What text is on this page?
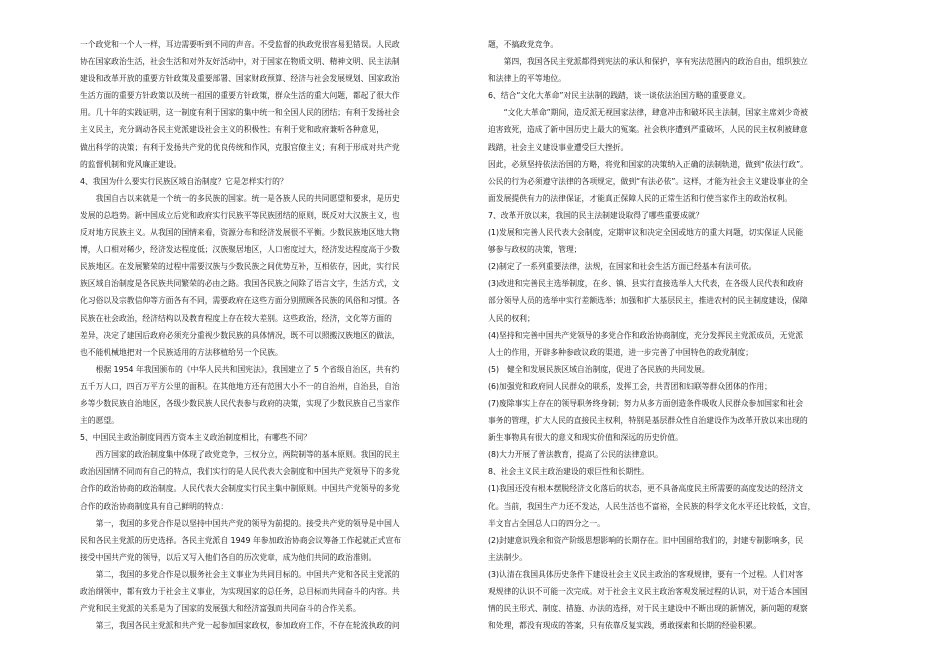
一个政党和一个人一样，耳边需要听到不同的声音。不受监督的执政党很容易犯错误。人民政
协在国家政治生活，社会生活和对外友好活动中，对于国家在物质文明、精神文明、民主法制
建设和改革开放的重要方针政策及重要部署、国家财政预算、经济与社会发展规划、国家政治
生活方面的重要方针政策以及统一祖国的重要方针政策，群众生活的重大问题，都起了很大作
用。几十年的实践证明，这一制度有利于国家的集中统一和全国人民的团结；有利于发扬社会
主义民主，充分调动各民主党派建设社会主义的积极性；有利于党和政府兼听各种意见，
做出科学的决策；有利于发扬共产党的优良传统和作风，克服官僚主义；有利于形成对共产党
的监督机制和党风廉正建设。
4、我国为什么要实行民族区域自治制度？它是怎样实行的？
　　我国自古以来就是一个统一的多民族的国家。统一是各族人民的共同愿望和要求，是历史
发展的总趋势。新中国成立后党和政府实行民族平等民族团结的原则，既反对大汉族主义，也
反对地方民族主义。从我国的国情来看，资源分布和经济发展很不平衡。少数民族地区地大物
博，人口相对稀少，经济发达程度低；汉族聚居地区，人口密度过大，经济发达程度高于少数
民族地区。在发展繁荣的过程中需要汉族与少数民族之间优势互补，互相依存，因此，实行民
族区域自治制度是各民族共同繁荣的必由之路。我国各民族之间除了语言文字，生活方式，文
化习俗以及宗教信仰等方面各有不同，需要政府在这些方面分别照顾各民族的风俗和习惯。各
民族在社会政治，经济结构以及教育程度上存在较大差别。这些政治，经济，文化等方面的
差异，决定了建国后政府必须充分重视少数民族的具体情况，既不可以照搬汉族地区的做法，
也不能机械地把对一个民族适用的方法移植给另一个民族。
　　根据 1954 年我国颁布的《中华人民共和国宪法》，我国建立了 5 个省级自治区，共有约
五千万人口，四百万平方公里的面积。在其他地方还有范围大小不一的自治州，自治县，自治
乡等少数民族自治地区，各级少数民族人民代表参与政府的决策，实现了少数民族自己当家作
主的愿望。
5、中国民主政治制度同西方资本主义政治制度相比，有哪些不同？
　　西方国家的政治制度集中体现了政党竞争，三权分立，两院制等的基本原则。我国的民主
政治因国情不同而有自己的特点，我们实行的是人民代表大会制度和中国共产党领导下的多党
合作的政治协商的政治制度。人民代表大会制度实行民主集中制原则。中国共产党领导的多党
合作的政治协商制度具有自己鲜明的特点：
　　第一，我国的多党合作是以坚持中国共产党的领导为前提的。接受共产党的领导是中国人
民和各民主党派的历史选择。各民主党派自 1949 年参加政治协商会议筹备工作起就正式宣布
接受中国共产党的领导，以后又写入他们各自的历次党章，成为他们共同的政治准则。
　　第二，我国的多党合作是以服务社会主义事业为共同目标的。中国共产党和各民主党派的
政治纲领中，都有致力于社会主义事业，为实现国家的总任务，总目标而共同奋斗的内容。共
产党和民主党派的关系是为了国家的发展强大和经济富强而共同奋斗的合作关系。
　　第三，我国各民主党派和共产党一起参加国家政权，参加政府工作，不存在轮流执政的问
题，不搞政党竞争。
　　第四，我国各民主党派都得到宪法的承认和保护，享有宪法范围内的政治自由，组织独立
和法律上的平等地位。
6、结合“文化大革命”对民主法制的践踏，谈一谈依法治国方略的重要意义。
　　“文化大革命”期间，造反派无视国家法律，肆意冲击和破坏民主法制，国家主席刘少奇被
迫害致死，造成了新中国历史上最大的冤案。社会秩序遭到严重破坏，人民的民主权利被肆意
践踏，社会主义建设事业遭受巨大挫折。
因此，必须坚持依法治国的方略，将党和国家的决策纳入正确的法制轨道，做到“依法行政”。
公民的行为必须遵守法律的各项规定，做到“有法必依”。这样，才能为社会主义建设事业的全
面发展提供有力的法律保证，才能真正保障人民的正常生活和行使当家作主的政治权利。
7、改革开放以来，我国的民主法制建设取得了哪些重要成就？
(1)发展和完善人民代表大会制度，定期审议和决定全国或地方的重大问题，切实保证人民能
够参与政权的决策，管理；
(2)制定了一系列重要法律，法规，在国家和社会生活方面已经基本有法可依。
(3)改进和完善民主选举制度，在乡、镇、县实行直接选举人大代表，在各级人民代表和政府
部分领导人员的选举中实行差额选举；加强和扩大基层民主，推进农村的民主制度建设，保障
人民的权利；
(4)坚持和完善中国共产党领导的多党合作和政治协商制度，充分发挥民主党派成员，无党派
人士的作用，开辟多种参政议政的渠道，进一步完善了中国特色的政党制度；
(5)　健全和发展民族区域自治制度，促进了各民族的共同发展。
(6)加强党和政府同人民群众的联系，发挥工会，共青团和妇联等群众团体的作用；
(7)废除事实上存在的领导职务终身制；努力从多方面创造条件吸收人民群众参加国家和社会
事务的管理，扩大人民的直接民主权利，特别是基层群众性自治建设作为改革开放以来出现的
新生事物具有很大的意义和现实价值和深远的历史价值。
(8)大力开展了普法教育，提高了公民的法律意识。
8、社会主义民主政治建设的艰巨性和长期性。
(1)我国还没有根本摆脱经济文化落后的状态，更不具备高度民主所需要的高度发达的经济文
化。当前，我国生产力还不发达，人民生活也不富裕，全民族的科学文化水平还比较低，文盲，
半文盲占全国总人口的四分之一。
(2)封建意识残余和资产阶级思想影响的长期存在。旧中国留给我们的，封建专制影响多，民
主法制少。
(3)认清在我国具体历史条件下建设社会主义民主政治的客观规律，要有一个过程。人们对客
观规律的认识不可能一次完成。对于社会主义民主政治客观发展过程的认识，对于适合本国国
情的民主形式、制度、措施、办法的选择，对于民主建设中不断出现的新情况，新问题的观察
和处理，都没有现成的答案，只有依靠反复实践，勇敢探索和长期的经验积累。
